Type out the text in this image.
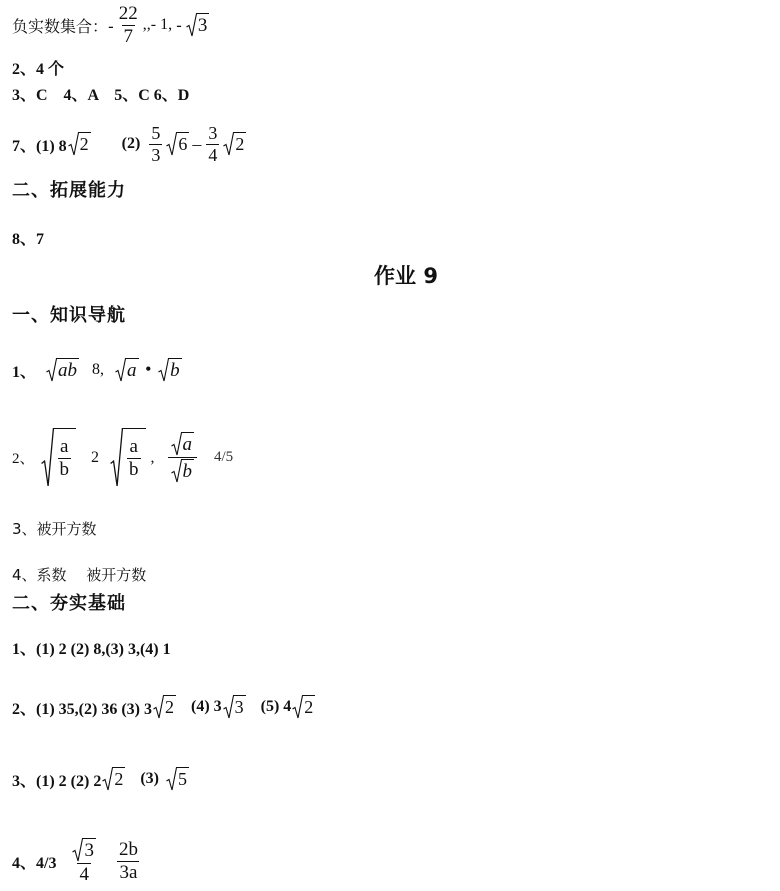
负实数集合：- $\frac{22}{7}$ ,,- 1, - 3
2、4 个
3、C　4、A　5、C 6、D
7、(1) 8 2 $(2) \frac{5}{3} 6 - \frac{3}{4} 2$
二、拓展能力
8、7
作业 9
一、知识导航
1、 ab 8, a • b
2、 $\frac{a}{b} 2 \frac{a}{b}$ , $\frac{a}{b} 4/5$
3、被开方数
4、系数　 被开方数
二、夯实基础
1、(1) 2 (2) 8,(3) 3,(4) 1
2、(1) 35,(2) 36 (3) 3 2 (4) 3 3 (5) 4 2
3、(1) 2 (2) 2 2 (3) 5
4、$4/3 \frac{3}{4} \frac{2b}{3a}$
